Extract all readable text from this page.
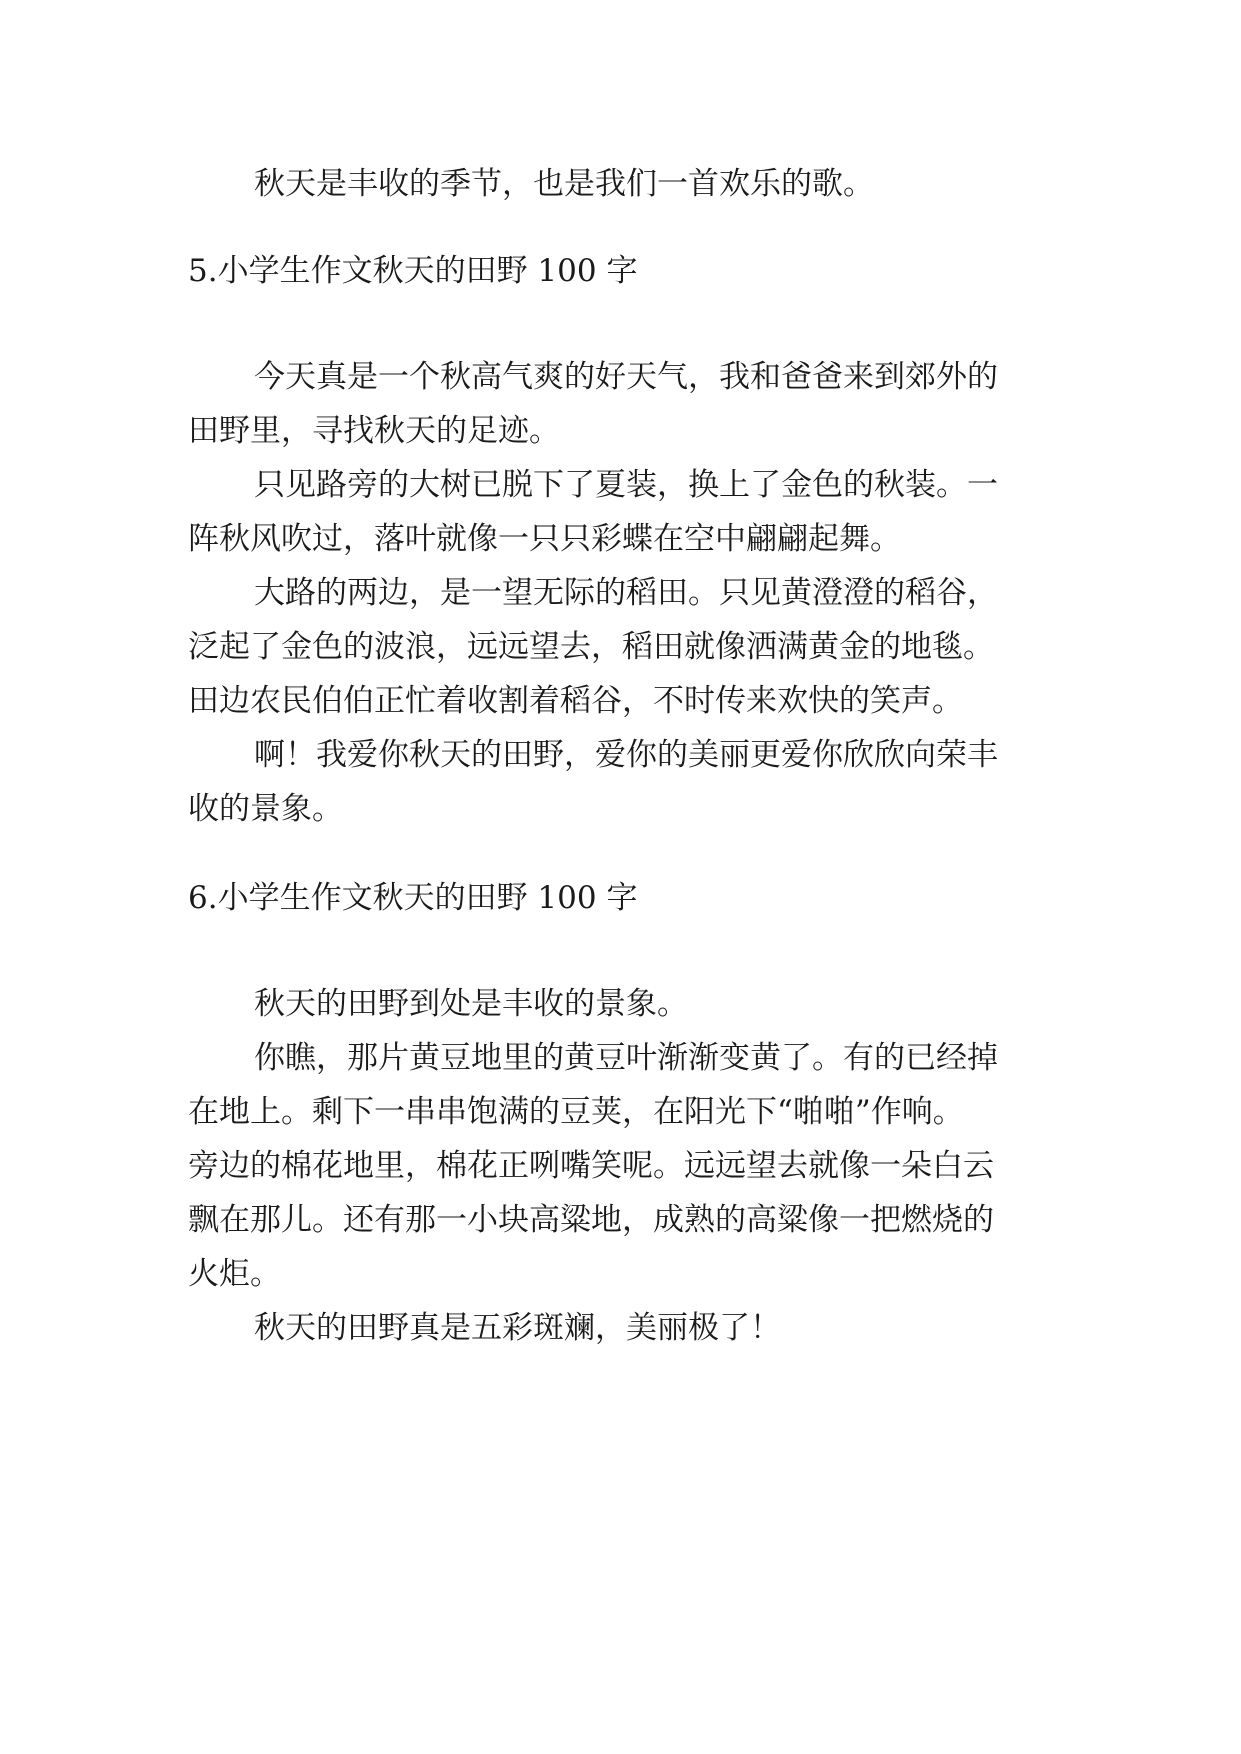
秋天是丰收的季节，也是我们一首欢乐的歌。

5.小学生作文秋天的田野 100 字

今天真是一个秋高气爽的好天气，我和爸爸来到郊外的

田野里，寻找秋天的足迹。

只见路旁的大树已脱下了夏装，换上了金色的秋装。一

阵秋风吹过，落叶就像一只只彩蝶在空中翩翩起舞。

大路的两边，是一望无际的稻田。只见黄澄澄的稻谷，

泛起了金色的波浪，远远望去，稻田就像洒满黄金的地毯。

田边农民伯伯正忙着收割着稻谷，不时传来欢快的笑声。

啊！我爱你秋天的田野，爱你的美丽更爱你欣欣向荣丰

收的景象。

6.小学生作文秋天的田野 100 字

秋天的田野到处是丰收的景象。

你瞧，那片黄豆地里的黄豆叶渐渐变黄了。有的已经掉

在地上。剩下一串串饱满的豆荚，在阳光下“啪啪”作响。

旁边的棉花地里，棉花正咧嘴笑呢。远远望去就像一朵白云

飘在那儿。还有那一小块高粱地，成熟的高粱像一把燃烧的

火炬。

秋天的田野真是五彩斑斓，美丽极了！
